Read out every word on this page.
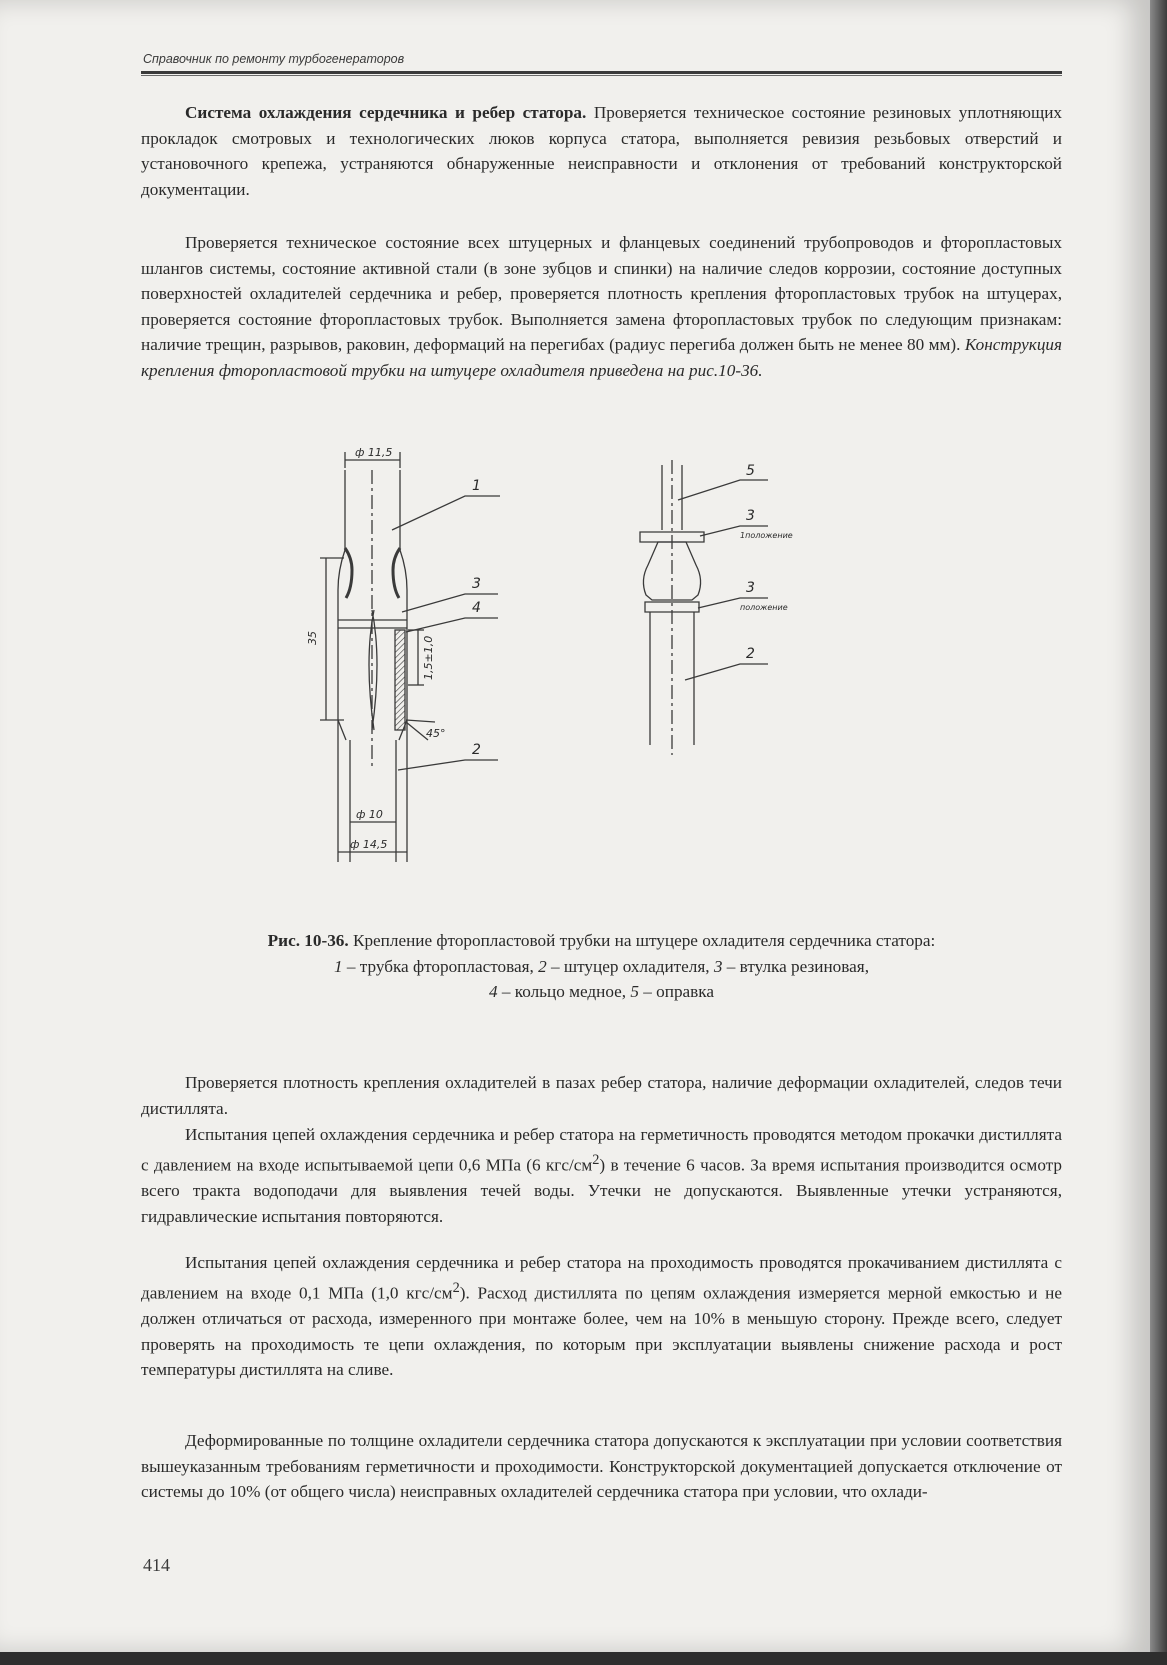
Справочник по ремонту турбогенераторов

Система охлаждения сердечника и ребер статора. Проверяется техническое состояние резиновых уплотняющих прокладок смотровых и технологических люков корпуса статора, выполняется ревизия резьбовых отверстий и установочного крепежа, устраняются обнаруженные неисправности и отклонения от требований конструкторской документации.

Проверяется техническое состояние всех штуцерных и фланцевых соединений трубопроводов и фторопластовых шлангов системы, состояние активной стали (в зоне зубцов и спинки) на наличие следов коррозии, состояние доступных поверхностей охладителей сердечника и ребер, проверяется плотность крепления фторопластовых трубок на штуцерах, проверяется состояние фторопластовых трубок. Выполняется замена фторопластовых трубок по следующим признакам: наличие трещин, разрывов, раковин, деформаций на перегибах (радиус перегиба должен быть не менее 80 мм). Конструкция крепления фторопластовой трубки на штуцере охладителя приведена на рис.10-36.

ф 11,5
35	1,5±1,0
45°
ф 10
ф 14,5
1
3
4
2
5
3
3
2
1положение
положение
Рис. 10-36. Крепление фторопластовой трубки на штуцере охладителя сердечника статора:
1 – трубка фторопластовая, 2 – штуцер охладителя, 3 – втулка резиновая,
4 – кольцо медное, 5 – оправка

Проверяется плотность крепления охладителей в пазах ребер статора, наличие деформации охладителей, следов течи дистиллята.

Испытания цепей охлаждения сердечника и ребер статора на герметичность проводятся методом прокачки дистиллята с давлением на входе испытываемой цепи 0,6 МПа (6 кгс/$см^2$) в течение 6 часов. За время испытания производится осмотр всего тракта водоподачи для выявления течей воды. Утечки не допускаются. Выявленные утечки устраняются, гидравлические испытания повторяются.

Испытания цепей охлаждения сердечника и ребер статора на проходимость проводятся прокачиванием дистиллята с давлением на входе 0,1 МПа (1,0 кгс/$см^2$). Расход дистиллята по цепям охлаждения измеряется мерной емкостью и не должен отличаться от расхода, измеренного при монтаже более, чем на 10% в меньшую сторону. Прежде всего, следует проверять на проходимость те цепи охлаждения, по которым при эксплуатации выявлены снижение расхода и рост температуры дистиллята на сливе.

Деформированные по толщине охладители сердечника статора допускаются к эксплуатации при условии соответствия вышеуказанным требованиям герметичности и проходимости. Конструкторской документацией допускается отключение от системы до 10% (от общего числа) неисправных охладителей сердечника статора при условии, что охлади-

414
